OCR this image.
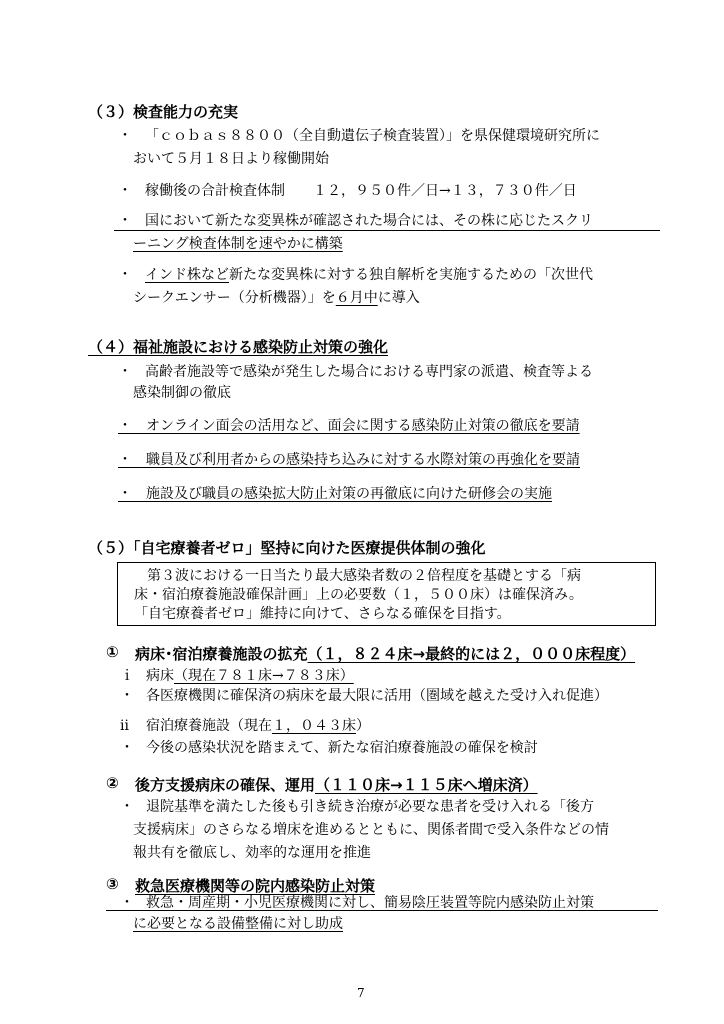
（３）検査能力の充実
・ 「ｃｏｂａｓ８８００（全自動遺伝子検査装置）」を県保健環境研究所に
おいて５月１８日より稼働開始
・ 稼働後の合計検査体制　　１２，９５０件／日→１３，７３０件／日
・ 国において新たな変異株が確認された場合には、その株に応じたスクリ
ーニング検査体制を速やかに構築
・ インド株など新たな変異株に対する独自解析を実施するための「次世代
シークエンサー（分析機器）」を６月中に導入
（４）福祉施設における感染防止対策の強化
・ 高齢者施設等で感染が発生した場合における専門家の派遣、検査等よる
感染制御の徹底
・　オンライン面会の活用など、面会に関する感染防止対策の徹底を要請
・　職員及び利用者からの感染持ち込みに対する水際対策の再強化を要請
・　施設及び職員の感染拡大防止対策の再徹底に向けた研修会の実施
（５）「自宅療養者ゼロ」堅持に向けた医療提供体制の強化
第３波における一日当たり最大感染者数の２倍程度を基礎とする「病
床・宿泊療養施設確保計画」上の必要数（１，５００床）は確保済み。
「自宅療養者ゼロ」維持に向けて、さらなる確保を目指す。
① 病床･宿泊療養施設の拡充（１，８２４床→最終的には２，０００床程度）
ｉ 病床（現在７８１床→７８３床）
・ 各医療機関に確保済の病床を最大限に活用（圏域を越えた受け入れ促進）
ⅱ 宿泊療養施設（現在１，０４３床）
・ 今後の感染状況を踏まえて、新たな宿泊療養施設の確保を検討
② 後方支援病床の確保、運用（１１０床→１１５床へ増床済）
・ 退院基準を満たした後も引き続き治療が必要な患者を受け入れる「後方
支援病床」のさらなる増床を進めるとともに、関係者間で受入条件などの情
報共有を徹底し、効率的な運用を推進
③ 救急医療機関等の院内感染防止対策
・ 救急・周産期・小児医療機関に対し、簡易陰圧装置等院内感染防止対策
に必要となる設備整備に対し助成
7
